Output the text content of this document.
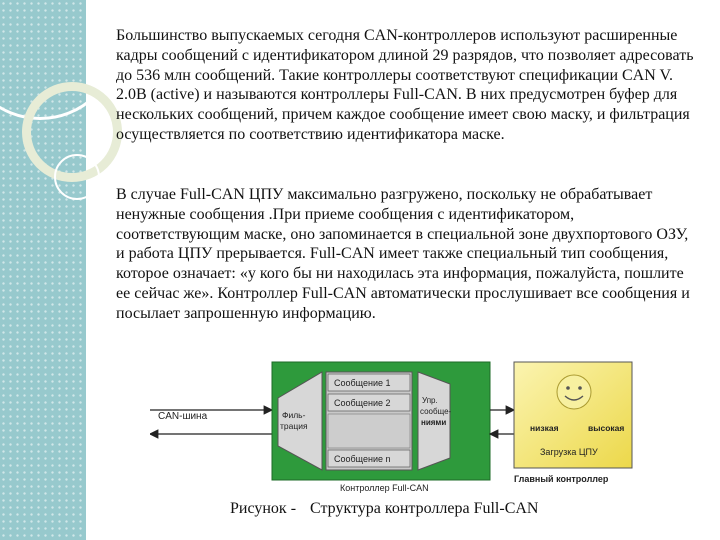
Большинство выпускаемых сегодня CAN-контроллеров используют расширенные кадры сообщений с идентификатором длиной 29 разрядов, что позволяет адресовать до 536 млн сообщений. Такие контроллеры соответствуют спецификации CAN V. 2.0B (active) и называются контроллеры Full-CAN. В них предусмотрен буфер для нескольких сообщений, причем каждое сообщение имеет свою маску, и фильтрация осуществляется по соответствию идентификатора маске.

В случае Full-CAN ЦПУ максимально разгружено, поскольку не обрабатывает ненужные сообщения .При приеме сообщения с идентификатором, соответствующим маске, оно запоминается в специальной зоне двухпортового ОЗУ, и работа ЦПУ прерывается. Full-CAN имеет также специальный тип сообщения, которое означает: «у кого бы ни находилась эта информация, пожалуйста, пошлите ее сейчас же». Контроллер Full-CAN автоматически прослушивает все сообщения и посылает запрошенную информацию.

CAN-шина
Контроллер Full-CAN
Филь-
трация
Сообщение 1
Сообщение 2
Сообщение n
Упр.
сообще-
ниями
низкая	высокая
Загрузка ЦПУ
Главный контроллер
Рисунок - Структура контроллера Full-CAN
